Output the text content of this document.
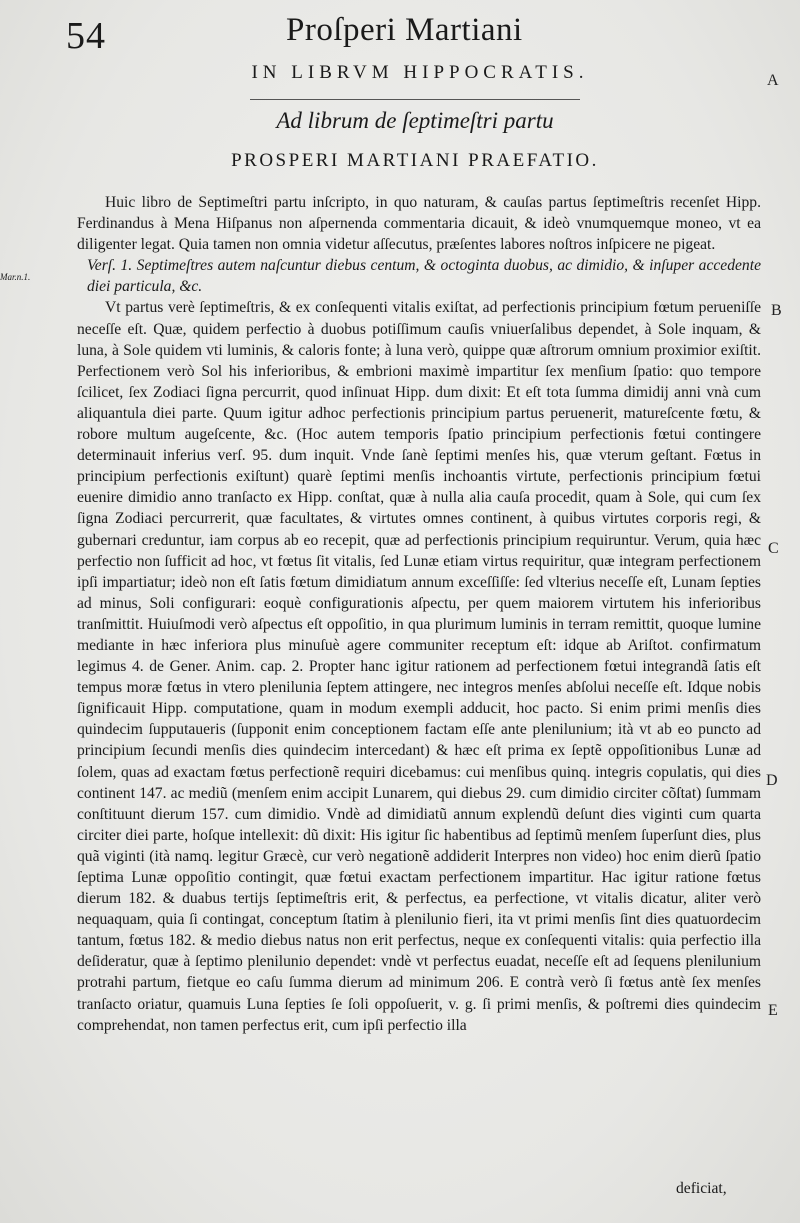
54	Proſperi Martiani
IN LIBRVM HIPPOCRATIS.
Ad librum de ſeptimeſtri partu
PROSPERI MARTIANI PRAEFATIO.
A
B
C
D
E
Mar.n.1.

Huic libro de Septimeſtri partu inſcripto, in quo naturam, & cauſas partus ſeptimeſtris recenſet Hipp. Ferdinandus à Mena Hiſpanus non aſpernenda commentaria dicauit, & ideò vnumquemque moneo, vt ea diligenter legat. Quia tamen non omnia videtur aſſecutus, præſentes labores noſtros inſpicere ne pigeat.

Verſ. 1. Septimeſtres autem naſcuntur diebus centum, & octoginta duobus, ac dimidio, & inſuper accedente diei particula, &c.

Vt partus verè ſeptimeſtris, & ex conſequenti vitalis exiſtat, ad perfectionis principium fœtum perueniſſe neceſſe eſt. Quæ, quidem perfectio à duobus potiſſimum cauſis vniuerſalibus dependet, à Sole inquam, & luna, à Sole quidem vti luminis, & caloris fonte; à luna verò, quippe quæ aſtrorum omnium proximior exiſtit. Perfectionem verò Sol his inferioribus, & embrioni maximè impartitur ſex menſium ſpatio: quo tempore ſcilicet, ſex Zodiaci ſigna percurrit, quod inſinuat Hipp. dum dixit: Et eſt tota ſumma dimidij anni vnà cum aliquantula diei parte. Quum igitur adhoc perfectionis principium partus peruenerit, matureſcente fœtu, & robore multum augeſcente, &c. (Hoc autem temporis ſpatio principium perfectionis fœtui contingere determinauit inferius verſ. 95. dum inquit. Vnde ſanè ſeptimi menſes his, quæ vterum geſtant. Fœtus in principium perfectionis exiſtunt) quarè ſeptimi menſis inchoantis virtute, perfectionis principium fœtui euenire dimidio anno tranſacto ex Hipp. conſtat, quæ à nulla alia cauſa procedit, quam à Sole, qui cum ſex ſigna Zodiaci percurrerit, quæ facultates, & virtutes omnes continent, à quibus virtutes corporis regi, & gubernari creduntur, iam corpus ab eo recepit, quæ ad perfectionis principium requiruntur. Verum, quia hæc perfectio non ſufficit ad hoc, vt fœtus ſit vitalis, ſed Lunæ etiam virtus requiritur, quæ integram perfectionem ipſi impartiatur; ideò non eſt ſatis fœtum dimidiatum annum exceſſiſſe: ſed vlterius neceſſe eſt, Lunam ſepties ad minus, Soli configurari: eoquè configurationis aſpectu, per quem maiorem virtutem his inferioribus tranſmittit. Huiuſmodi verò aſpectus eſt oppoſitio, in qua plurimum luminis in terram remittit, quoque lumine mediante in hæc inferiora plus minuſuè agere communiter receptum eſt: idque ab Ariſtot. confirmatum legimus 4. de Gener. Anim. cap. 2. Propter hanc igitur rationem ad perfectionem fœtui integrandã ſatis eſt tempus moræ fœtus in vtero plenilunia ſeptem attingere, nec integros menſes abſolui neceſſe eſt. Idque nobis ſignificauit Hipp. computatione, quam in modum exempli adducit, hoc pacto. Si enim primi menſis dies quindecim ſupputaueris (ſupponit enim conceptionem factam eſſe ante plenilunium; ità vt ab eo puncto ad principium ſecundi menſis dies quindecim intercedant) & hæc eſt prima ex ſeptẽ oppoſitionibus Lunæ ad ſolem, quas ad exactam fœtus perfectionẽ requiri dicebamus: cui menſibus quinq. integris copulatis, qui dies continent 147. ac mediũ (menſem enim accipit Lunarem, qui diebus 29. cum dimidio circiter cõſtat) ſummam conſtituunt dierum 157. cum dimidio. Vndè ad dimidiatũ annum explendũ deſunt dies viginti cum quarta circiter diei parte, hoſque intellexit: dũ dixit: His igitur ſic habentibus ad ſeptimũ menſem ſuperſunt dies, plus quã viginti (ità namq. legitur Græcè, cur verò negationẽ addiderit Interpres non video) hoc enim dierũ ſpatio ſeptima Lunæ oppoſitio contingit, quæ fœtui exactam perfectionem impartitur. Hac igitur ratione fœtus dierum 182. & duabus tertijs ſeptimeſtris erit, & perfectus, ea perfectione, vt vitalis dicatur, aliter verò nequaquam, quia ſi contingat, conceptum ſtatim à plenilunio fieri, ita vt primi menſis ſint dies quatuordecim tantum, fœtus 182. & medio diebus natus non erit perfectus, neque ex conſequenti vitalis: quia perfectio illa deſideratur, quæ à ſeptimo plenilunio dependet: vndè vt perfectus euadat, neceſſe eſt ad ſequens plenilunium protrahi partum, fietque eo caſu ſumma dierum ad minimum 206. E contrà verò ſi fœtus antè ſex menſes tranſacto oriatur, quamuis Luna ſepties ſe ſoli oppoſuerit, v. g. ſi primi menſis, & poſtremi dies quindecim comprehendat, non tamen perfectus erit, cum ipſi perfectio illa

deficiat,
